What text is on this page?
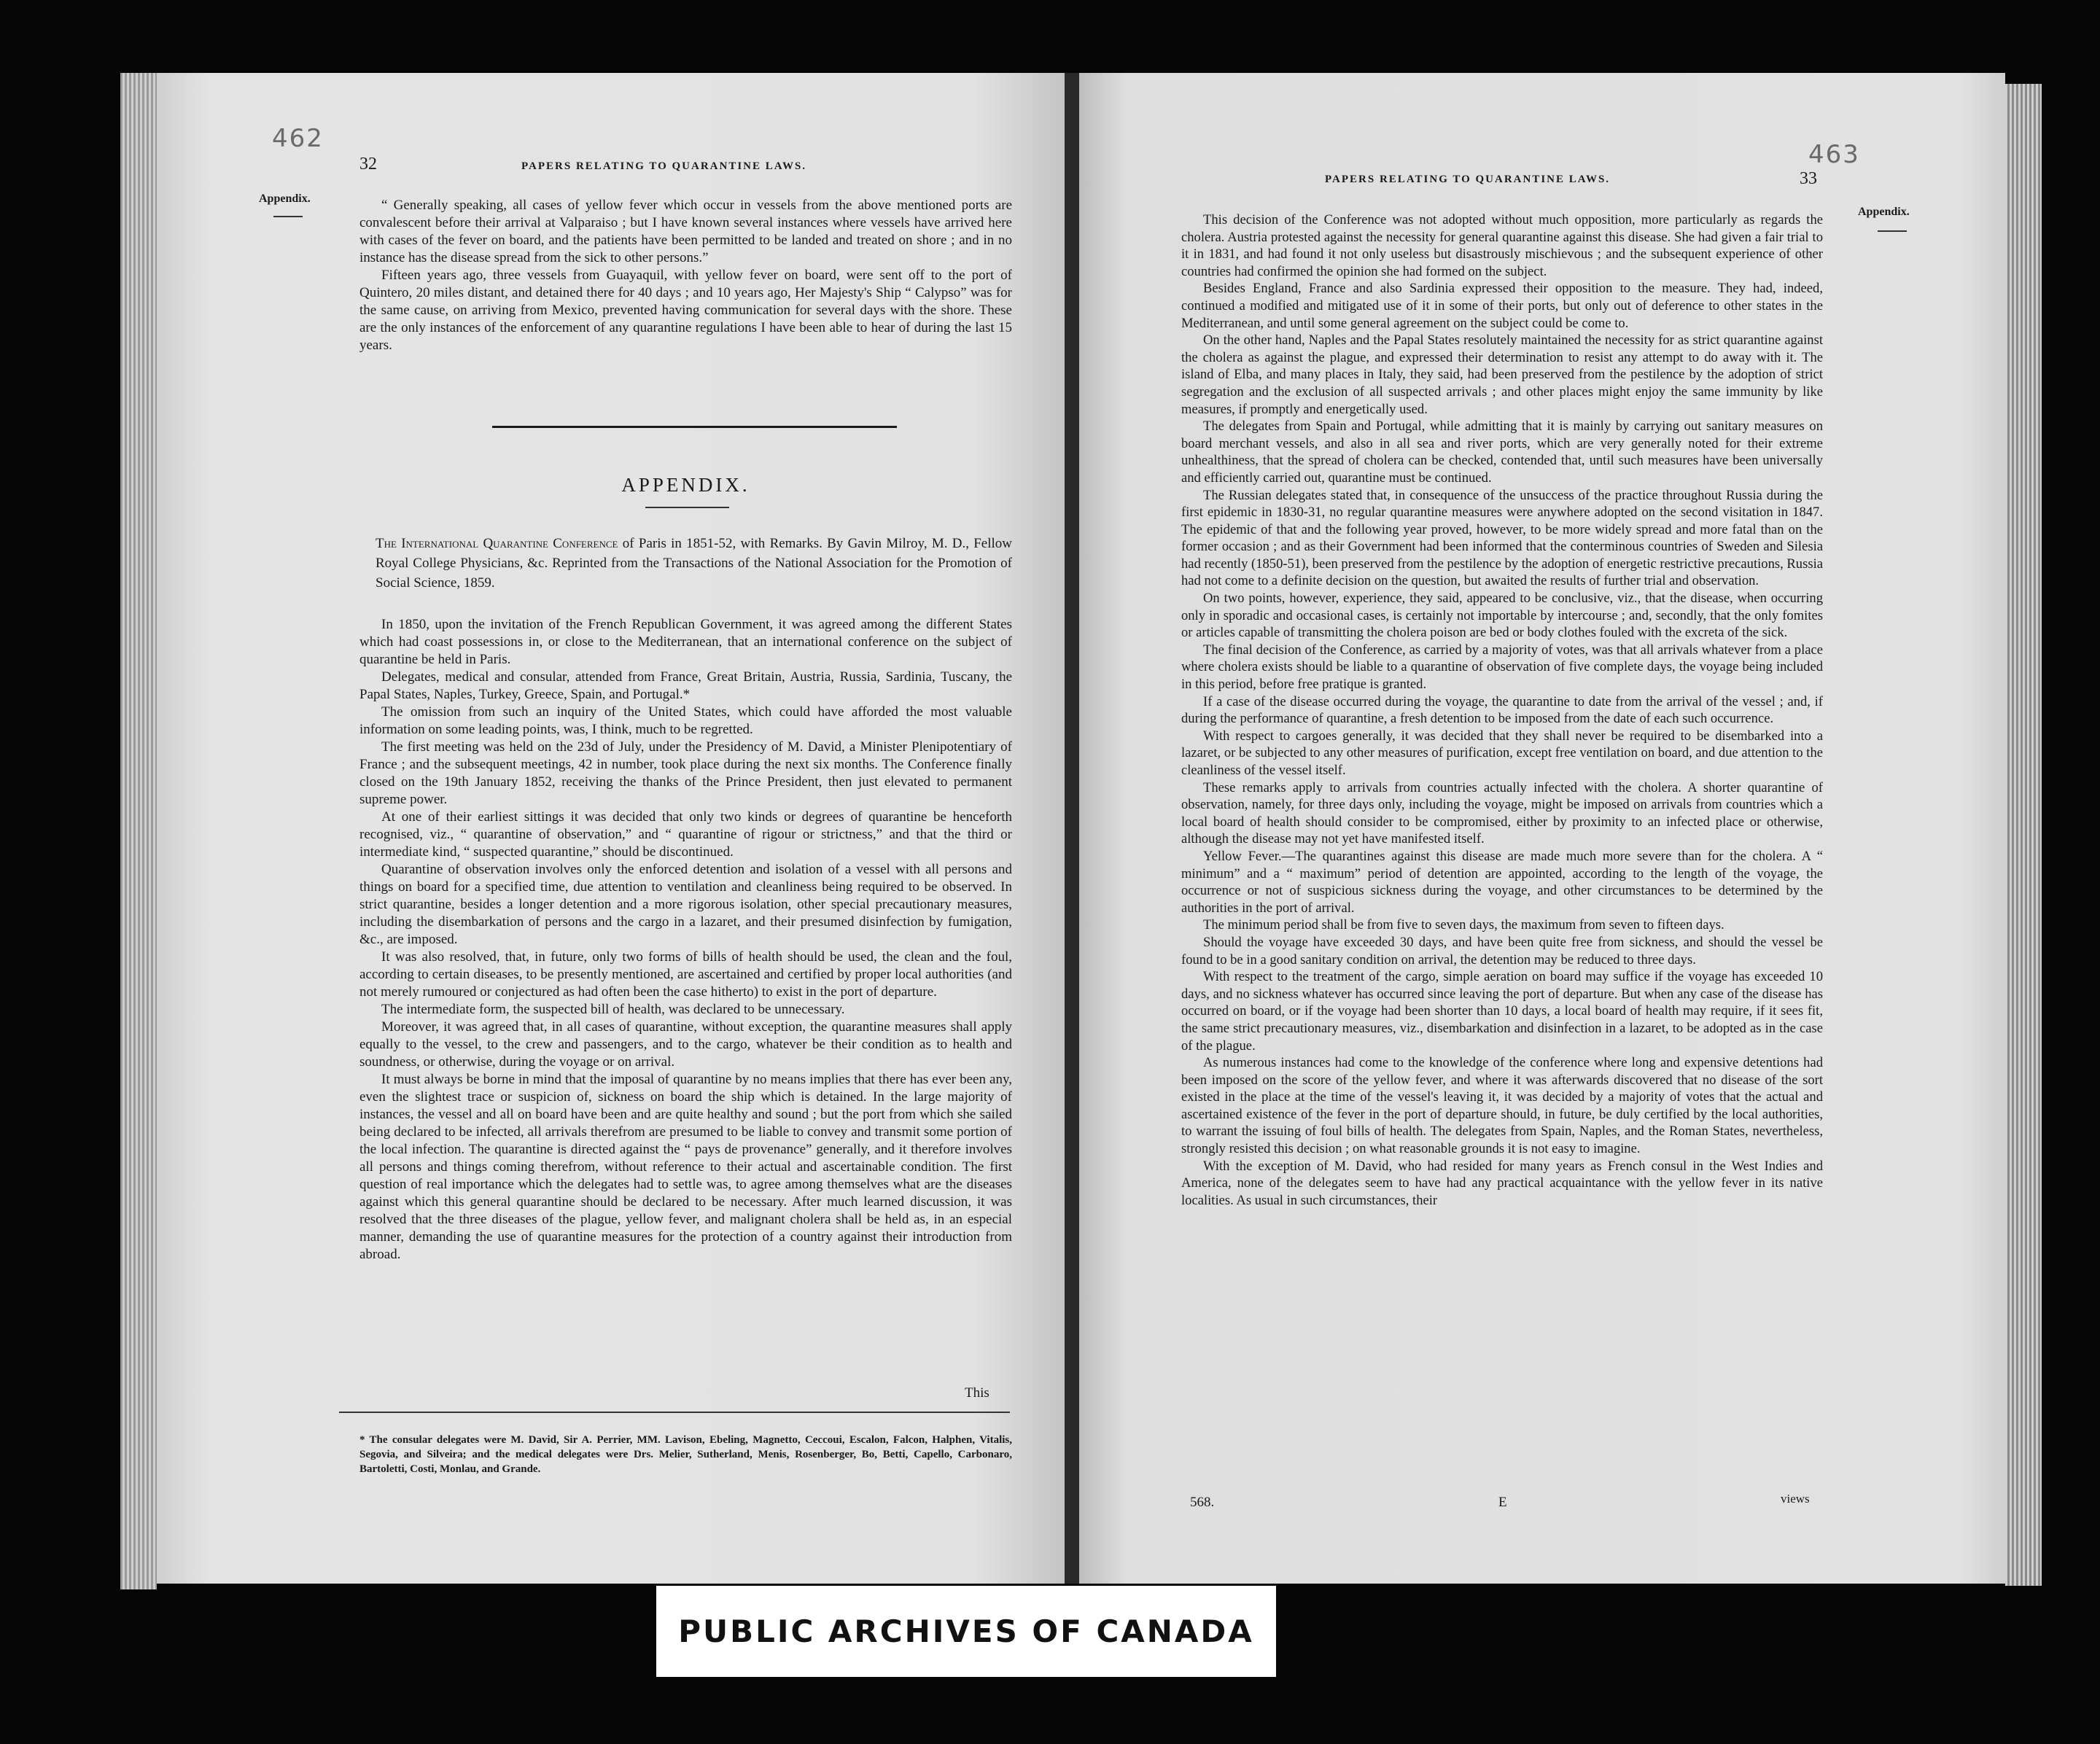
462
32	PAPERS RELATING TO QUARANTINE LAWS.
Appendix.	“ Generally speaking, all cases of yellow fever which occur in vessels from the above mentioned ports are convalescent before their arrival at Valparaiso ; but I have known several instances where vessels have arrived here with cases of the fever on board, and the patients have been permitted to be landed and treated on shore ; and in no instance has the disease spread from the sick to other persons.”

Fifteen years ago, three vessels from Guayaquil, with yellow fever on board, were sent off to the port of Quintero, 20 miles distant, and detained there for 40 days ; and 10 years ago, Her Majesty's Ship “ Calypso” was for the same cause, on arriving from Mexico, prevented having communication for several days with the shore. These are the only instances of the enforcement of any quarantine regulations I have been able to hear of during the last 15 years.

APPENDIX.
The International Quarantine Conference of Paris in 1851-52, with Remarks. By Gavin Milroy, M. D., Fellow Royal College Physicians, &c. Reprinted from the Transactions of the National Association for the Promotion of Social Science, 1859.

In 1850, upon the invitation of the French Republican Government, it was agreed among the different States which had coast possessions in, or close to the Mediterranean, that an international conference on the subject of quarantine be held in Paris.

Delegates, medical and consular, attended from France, Great Britain, Austria, Russia, Sardinia, Tuscany, the Papal States, Naples, Turkey, Greece, Spain, and Portugal.*

The omission from such an inquiry of the United States, which could have afforded the most valuable information on some leading points, was, I think, much to be regretted.

The first meeting was held on the 23d of July, under the Presidency of M. David, a Minister Plenipotentiary of France ; and the subsequent meetings, 42 in number, took place during the next six months. The Conference finally closed on the 19th January 1852, receiving the thanks of the Prince President, then just elevated to permanent supreme power.

At one of their earliest sittings it was decided that only two kinds or degrees of quarantine be henceforth recognised, viz., “ quarantine of observation,” and “ quarantine of rigour or strictness,” and that the third or intermediate kind, “ suspected quarantine,” should be discontinued.

Quarantine of observation involves only the enforced detention and isolation of a vessel with all persons and things on board for a specified time, due attention to ventilation and cleanliness being required to be observed. In strict quarantine, besides a longer detention and a more rigorous isolation, other special precautionary measures, including the disembarkation of persons and the cargo in a lazaret, and their presumed disinfection by fumigation, &c., are imposed.

It was also resolved, that, in future, only two forms of bills of health should be used, the clean and the foul, according to certain diseases, to be presently mentioned, are ascertained and certified by proper local authorities (and not merely rumoured or conjectured as had often been the case hitherto) to exist in the port of departure.

The intermediate form, the suspected bill of health, was declared to be unnecessary.

Moreover, it was agreed that, in all cases of quarantine, without exception, the quarantine measures shall apply equally to the vessel, to the crew and passengers, and to the cargo, whatever be their condition as to health and soundness, or otherwise, during the voyage or on arrival.

It must always be borne in mind that the imposal of quarantine by no means implies that there has ever been any, even the slightest trace or suspicion of, sickness on board the ship which is detained. In the large majority of instances, the vessel and all on board have been and are quite healthy and sound ; but the port from which she sailed being declared to be infected, all arrivals therefrom are presumed to be liable to convey and transmit some portion of the local infection. The quarantine is directed against the “ pays de provenance” generally, and it therefore involves all persons and things coming therefrom, without reference to their actual and ascertainable condition. The first question of real importance which the delegates had to settle was, to agree among themselves what are the diseases against which this general quarantine should be declared to be necessary. After much learned discussion, it was resolved that the three diseases of the plague, yellow fever, and malignant cholera shall be held as, in an especial manner, demanding the use of quarantine measures for the protection of a country against their introduction from abroad.

This
* The consular delegates were M. David, Sir A. Perrier, MM. Lavison, Ebeling, Magnetto, Ceccoui, Escalon, Falcon, Halphen, Vitalis, Segovia, and Silveira; and the medical delegates were Drs. Melier, Sutherland, Menis, Rosenberger, Bo, Betti, Capello, Carbonaro, Bartoletti, Costi, Monlau, and Grande.
463
PAPERS RELATING TO QUARANTINE LAWS.	33
Appendix.

This decision of the Conference was not adopted without much opposition, more particularly as regards the cholera. Austria protested against the necessity for general quarantine against this disease. She had given a fair trial to it in 1831, and had found it not only useless but disastrously mischievous ; and the subsequent experience of other countries had confirmed the opinion she had formed on the subject.

Besides England, France and also Sardinia expressed their opposition to the measure. They had, indeed, continued a modified and mitigated use of it in some of their ports, but only out of deference to other states in the Mediterranean, and until some general agreement on the subject could be come to.

On the other hand, Naples and the Papal States resolutely maintained the necessity for as strict quarantine against the cholera as against the plague, and expressed their determination to resist any attempt to do away with it. The island of Elba, and many places in Italy, they said, had been preserved from the pestilence by the adoption of strict segregation and the exclusion of all suspected arrivals ; and other places might enjoy the same immunity by like measures, if promptly and energetically used.

The delegates from Spain and Portugal, while admitting that it is mainly by carrying out sanitary measures on board merchant vessels, and also in all sea and river ports, which are very generally noted for their extreme unhealthiness, that the spread of cholera can be checked, contended that, until such measures have been universally and efficiently carried out, quarantine must be continued.

The Russian delegates stated that, in consequence of the unsuccess of the practice throughout Russia during the first epidemic in 1830-31, no regular quarantine measures were anywhere adopted on the second visitation in 1847. The epidemic of that and the following year proved, however, to be more widely spread and more fatal than on the former occasion ; and as their Government had been informed that the conterminous countries of Sweden and Silesia had recently (1850-51), been preserved from the pestilence by the adoption of energetic restrictive precautions, Russia had not come to a definite decision on the question, but awaited the results of further trial and observation.

On two points, however, experience, they said, appeared to be conclusive, viz., that the disease, when occurring only in sporadic and occasional cases, is certainly not importable by intercourse ; and, secondly, that the only fomites or articles capable of transmitting the cholera poison are bed or body clothes fouled with the excreta of the sick.

The final decision of the Conference, as carried by a majority of votes, was that all arrivals whatever from a place where cholera exists should be liable to a quarantine of observation of five complete days, the voyage being included in this period, before free pratique is granted.

If a case of the disease occurred during the voyage, the quarantine to date from the arrival of the vessel ; and, if during the performance of quarantine, a fresh detention to be imposed from the date of each such occurrence.

With respect to cargoes generally, it was decided that they shall never be required to be disembarked into a lazaret, or be subjected to any other measures of purification, except free ventilation on board, and due attention to the cleanliness of the vessel itself.

These remarks apply to arrivals from countries actually infected with the cholera. A shorter quarantine of observation, namely, for three days only, including the voyage, might be imposed on arrivals from countries which a local board of health should consider to be compromised, either by proximity to an infected place or otherwise, although the disease may not yet have manifested itself.

Yellow Fever.—The quarantines against this disease are made much more severe than for the cholera. A “ minimum” and a “ maximum” period of detention are appointed, according to the length of the voyage, the occurrence or not of suspicious sickness during the voyage, and other circumstances to be determined by the authorities in the port of arrival.

The minimum period shall be from five to seven days, the maximum from seven to fifteen days.

Should the voyage have exceeded 30 days, and have been quite free from sickness, and should the vessel be found to be in a good sanitary condition on arrival, the detention may be reduced to three days.

With respect to the treatment of the cargo, simple aeration on board may suffice if the voyage has exceeded 10 days, and no sickness whatever has occurred since leaving the port of departure. But when any case of the disease has occurred on board, or if the voyage had been shorter than 10 days, a local board of health may require, if it sees fit, the same strict precautionary measures, viz., disembarkation and disinfection in a lazaret, to be adopted as in the case of the plague.

As numerous instances had come to the knowledge of the conference where long and expensive detentions had been imposed on the score of the yellow fever, and where it was afterwards discovered that no disease of the sort existed in the place at the time of the vessel's leaving it, it was decided by a majority of votes that the actual and ascertained existence of the fever in the port of departure should, in future, be duly certified by the local authorities, to warrant the issuing of foul bills of health. The delegates from Spain, Naples, and the Roman States, nevertheless, strongly resisted this decision ; on what reasonable grounds it is not easy to imagine.

With the exception of M. David, who had resided for many years as French consul in the West Indies and America, none of the delegates seem to have had any practical acquaintance with the yellow fever in its native localities. As usual in such circumstances, their

568.	E	views
PUBLIC ARCHIVES OF CANADA
